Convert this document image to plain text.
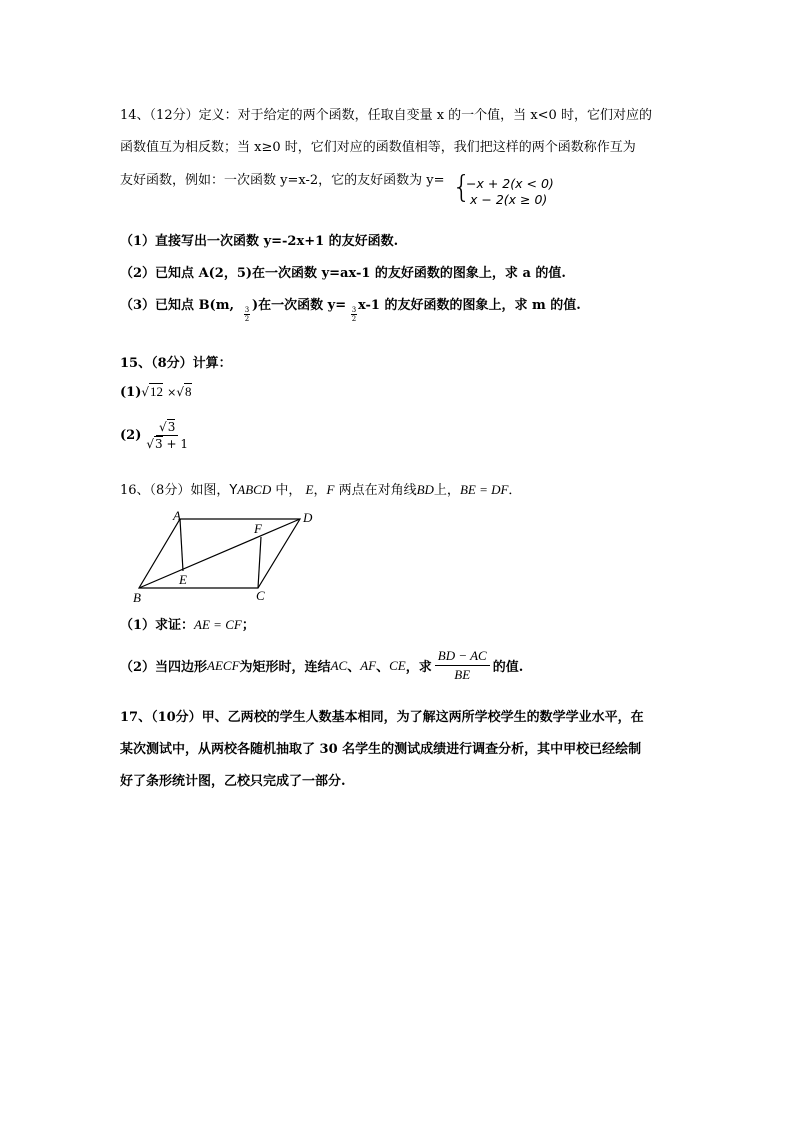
14、（12分）定义：对于给定的两个函数，任取自变量 x 的一个值，当 x<0 时，它们对应的
函数值互为相反数；当 x≥0 时，它们对应的函数值相等，我们把这样的两个函数称作互为
友好函数，例如：一次函数 y=x-2，它的友好函数为 y= {
−x + 2(x < 0)
x − 2(x ≥ 0)
（1）直接写出一次函数 y=-2x+1 的友好函数.
（2）已知点 A(2，5)在一次函数 y=ax-1 的友好函数的图象上，求 a 的值.
（3）已知点 B(m, )在一次函数 y= x-1 的友好函数的图象上，求 m 的值.
$\frac{3}{2}$	$\frac{3}{2}$
15、（8分）计算：
(1)√12 ×√8
$(2) \frac{√3}{√3 + 1}$
16、（8分）如图，YABCD 中， E，F 两点在对角线BD上，BE = DF．
A	D
B	C
E
F
（1）求证：AE = CF；
（2）当四边形 AECF 为矩形时，连结 AC 、 AF 、 CE ，求 $\frac{BD - AC}{BE}$ 的值.
17、（10分）甲、乙两校的学生人数基本相同，为了解这两所学校学生的数学学业水平，在
某次测试中，从两校各随机抽取了 30 名学生的测试成绩进行调查分析，其中甲校已经绘制
好了条形统计图，乙校只完成了一部分.
